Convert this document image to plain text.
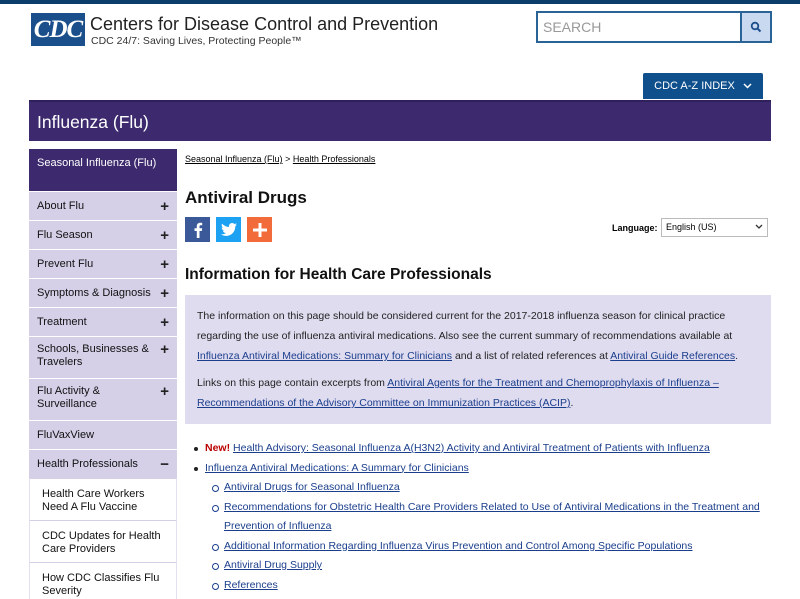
CDC Centers for Disease Control and Prevention
CDC 24/7: Saving Lives, Protecting People™
SEARCH
CDC A-Z INDEX
Influenza (Flu)
Seasonal Influenza (Flu)
About Flu	+
Flu Season	+
Prevent Flu	+
Symptoms & Diagnosis +
Treatment	+
Schools, Businesses & Travelers
+
Flu Activity & Surveillance
+
FluVaxView
Health Professionals −
Health Care Workers Need A Flu Vaccine
CDC Updates for Health Care Providers
How CDC Classifies Flu Severity
Seasonal Influenza (Flu) > Health Professionals
Antiviral Drugs
Language: English (US)
Information for Health Care Professionals

The information on this page should be considered current for the 2017-2018 influenza season for clinical practice regarding the use of influenza antiviral medications. Also see the current summary of recommendations available at Influenza Antiviral Medications: Summary for Clinicians and a list of related references at Antiviral Guide References.

Links on this page contain excerpts from Antiviral Agents for the Treatment and Chemoprophylaxis of Influenza – Recommendations of the Advisory Committee on Immunization Practices (ACIP).

New! Health Advisory: Seasonal Influenza A(H3N2) Activity and Antiviral Treatment of Patients with Influenza
Influenza Antiviral Medications: A Summary for Clinicians
Antiviral Drugs for Seasonal Influenza
Recommendations for Obstetric Health Care Providers Related to Use of Antiviral Medications in the Treatment and Prevention of Influenza
Additional Information Regarding Influenza Virus Prevention and Control Among Specific Populations
Antiviral Drug Supply
References
